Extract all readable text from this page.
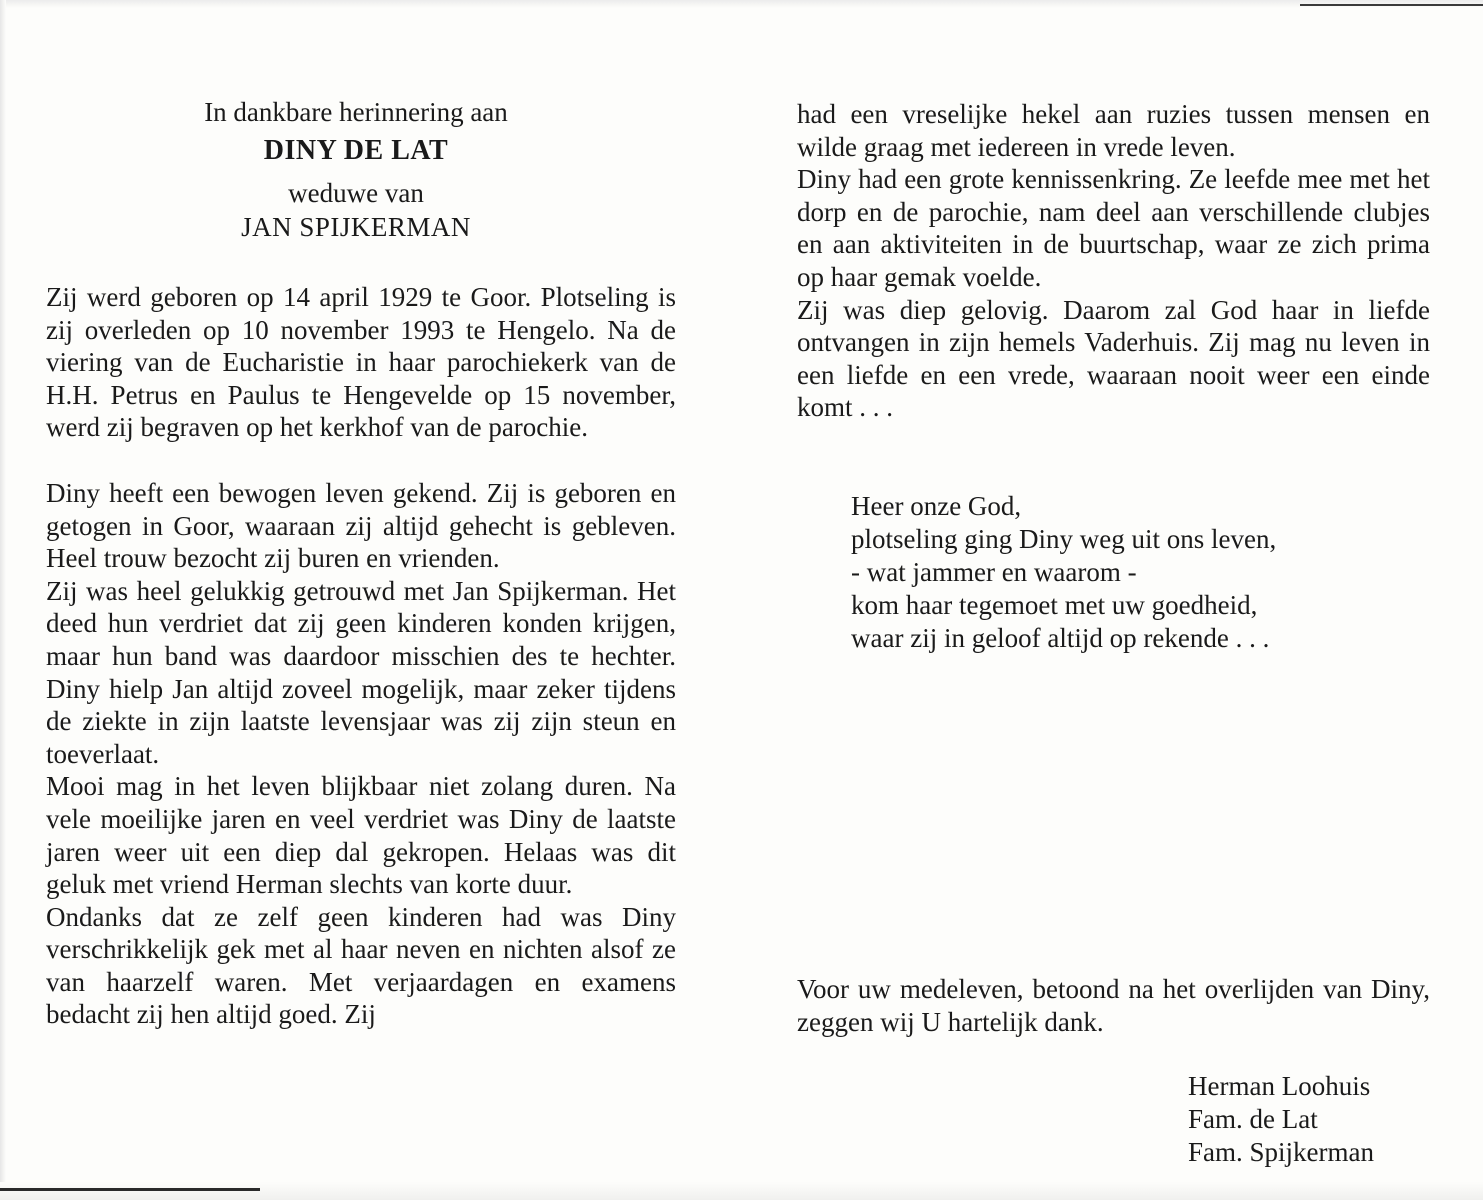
In dankbare herinnering aan
DINY DE LAT
weduwe van
JAN SPIJKERMAN

Zij werd geboren op 14 april 1929 te Goor. Plotseling is zij overleden op 10 november 1993 te Hengelo. Na de viering van de Eucharistie in haar parochiekerk van de H.H. Petrus en Paulus te Hengevelde op 15 november, werd zij begraven op het kerkhof van de parochie.

Diny heeft een bewogen leven gekend. Zij is geboren en getogen in Goor, waaraan zij altijd gehecht is gebleven. Heel trouw bezocht zij buren en vrienden.

Zij was heel gelukkig getrouwd met Jan Spijkerman. Het deed hun verdriet dat zij geen kinderen konden krijgen, maar hun band was daardoor misschien des te hechter. Diny hielp Jan altijd zoveel mogelijk, maar zeker tijdens de ziekte in zijn laatste levensjaar was zij zijn steun en toeverlaat.

Mooi mag in het leven blijkbaar niet zolang duren. Na vele moeilijke jaren en veel verdriet was Diny de laatste jaren weer uit een diep dal gekropen. Helaas was dit geluk met vriend Herman slechts van korte duur.

Ondanks dat ze zelf geen kinderen had was Diny verschrikkelijk gek met al haar neven en nichten alsof ze van haarzelf waren. Met verjaardagen en examens bedacht zij hen altijd goed. Zij

had een vreselijke hekel aan ruzies tussen mensen en wilde graag met iedereen in vrede leven.

Diny had een grote kennissenkring. Ze leefde mee met het dorp en de parochie, nam deel aan verschillende clubjes en aan aktiviteiten in de buurtschap, waar ze zich prima op haar gemak voelde.

Zij was diep gelovig. Daarom zal God haar in liefde ontvangen in zijn hemels Vaderhuis. Zij mag nu leven in een liefde en een vrede, waaraan nooit weer een einde komt . . .

Heer onze God,
plotseling ging Diny weg uit ons leven,
- wat jammer en waarom -
kom haar tegemoet met uw goedheid,
waar zij in geloof altijd op rekende . . .

Voor uw medeleven, betoond na het overlijden van Diny, zeggen wij U hartelijk dank.

Herman Loohuis
Fam. de Lat
Fam. Spijkerman
